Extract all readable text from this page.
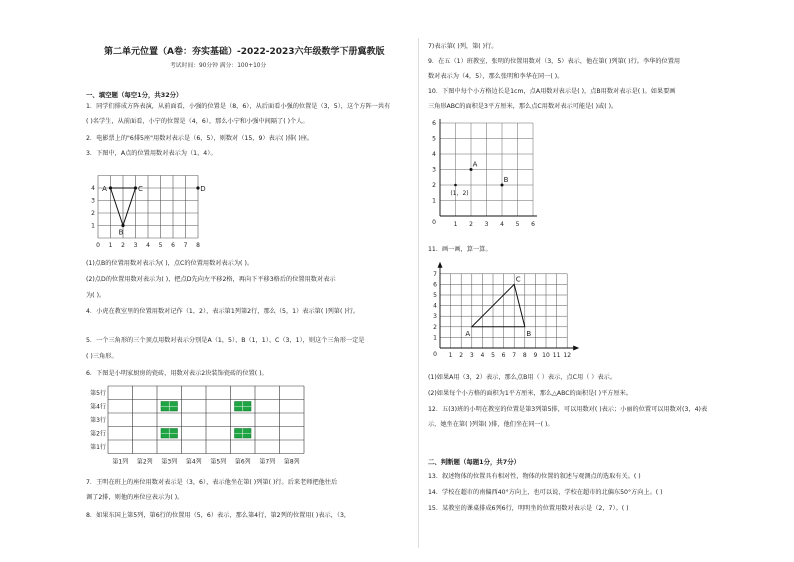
第二单元位置（A卷：夯实基础）-2022-2023六年级数学下册冀教版
考试时间：90分钟 满分：100+10分
一、填空题（每空1分，共32分）
1．同学们排成方阵表演，从前面看，小强的位置是（8，6），从后面看小强的位置是（3，5），这个方阵一共有
( )名学生，从前面看，小宁的位置是（4，6），那么小宁和小强中间隔了( )个人。
2．电影票上的"6排5座"用数对表示是（6，5），则数对（15，9）表示( )排( )座。
3．下图中，A点的位置用数对表示为（1，4）。
0 1 2 3 4 5 6 7 8
1
2
3
4 A
B
C	D
(1)点B的位置用数对表示为( )，点C的位置用数对表示为( )。
(2)点D的位置用数对表示为( )，把点D先向左平移2格，再向下平移3格后的位置用数对表示
为( )。
4．小虎在教室里的位置用数对记作（1，2），表示第1列第2行，那么（5，1）表示第( )列第( )行。
5．一个三角形的三个顶点用数对表示分别是A（1，5）、B（1，1）、C（3，1），则这个三角形一定是
( )三角形。
6．下图是小明家厨房的瓷砖，用数对表示2块装饰瓷砖的位置( )。
第5行
第4行
第3行
第2行
第1行
第1列 第2列 第3列 第4列 第5列 第6列 第7列 第8列
7．王明在班上的座位用数对表示是（3，6），表示他坐在第( )列第( )行。后来老师把他往后
调了2排，则他的座位应表示为( )。
8．如果东国上第5列，第6行的位置用（5，6）表示，那么第4行，第2列的位置用( )表示，（3，
7)表示第( )列，第( )行。
9．在五（1）班教室，张明的位置用数对（3，5）表示，他在第( )列第( )行。李华的位置用
数对表示为（4，5），那么张明和李华在同一( )。
10．下图中每个小方格边长是1cm，点A用数对表示是( )，点B用数对表示是( )。如果要画
三角形ABC的面积是3平方厘米，那么点C用数对表示可能是( )或( )。
0	1 2 3 4 5 6
1
2
3
4
5
6
A
B
(1，2)
11．画一画，算一算。
0 1 2 3 4 5 6 7 8 9 10 11 12
1
2
3
4
5
6
7
A	B
C
(1)如果A用（3，2）表示，那么点B用（ ）表示，点C用（ ）表示。
(2)如果每个小方格的面积为1平方厘米，那么△ABC的面积是( )平方厘米。
12．五(3)班的小明在教室的位置是第3列第5排，可以用数对( )表示；小丽的位置可以用数对(3，4)表
示，她坐在第( )列第( )排，他们坐在同一( )。
二、判断题（每题1分，共7分）
13．叙述物体的位置具有相对性，物体的位置的叙述与观测点的选取有关。( )
14．学校在超市的南偏西40°方向上，也可以说，学校在超市的北偏东50°方向上。( )
15．某教室的课桌排成6列6行，明明坐的位置用数对表示是（2，7）。( )
